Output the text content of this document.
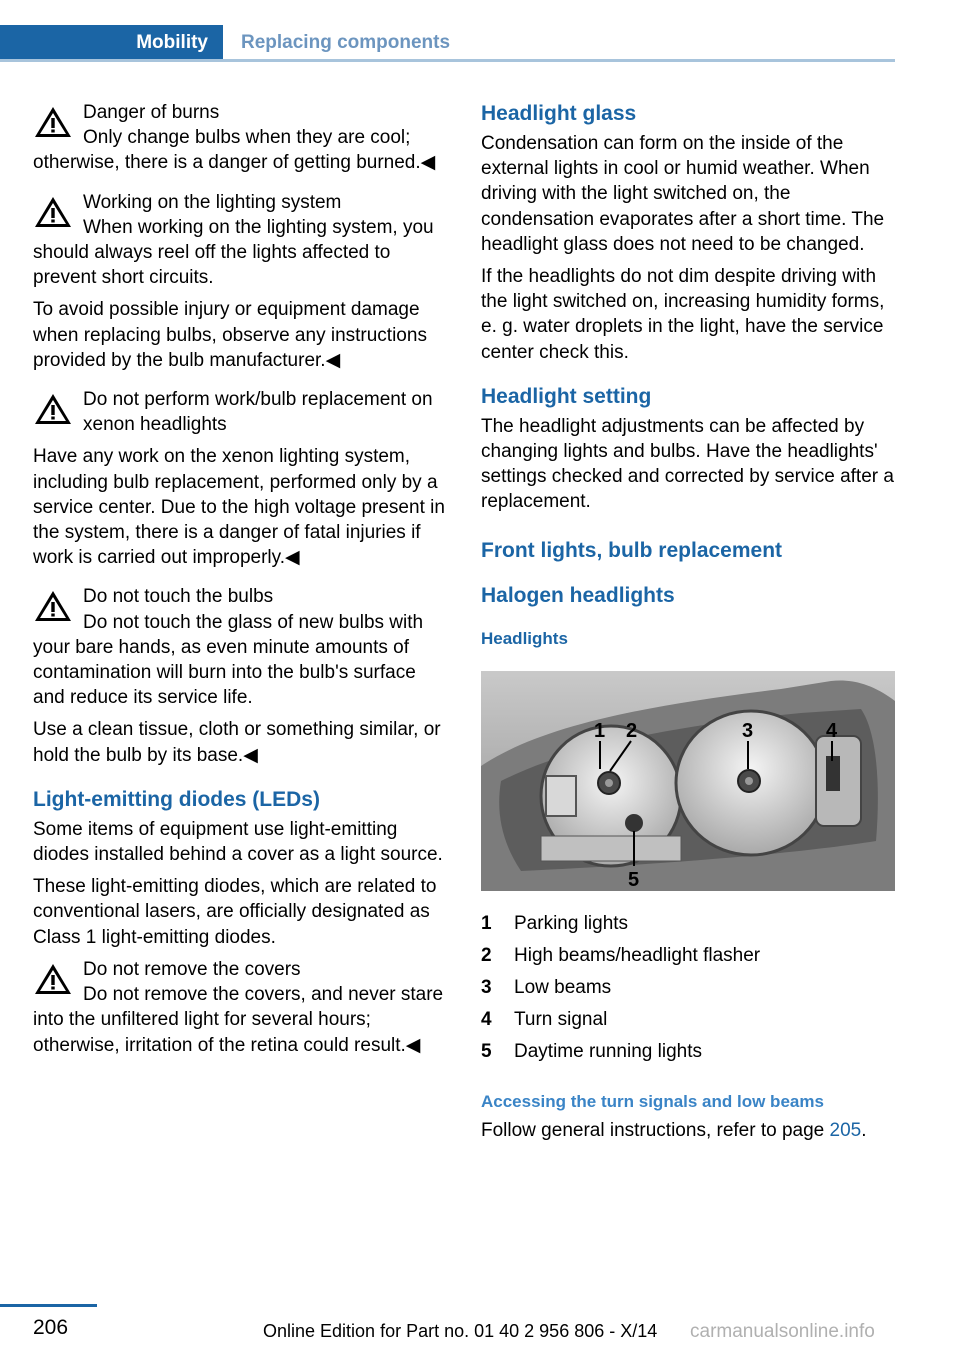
Mobility	Replacing components
Danger of burns
Only change bulbs when they are cool; otherwise, there is a danger of getting burned.◀
Working on the lighting system
When working on the lighting system, you should always reel off the lights affected to prevent short circuits.

To avoid possible injury or equipment damage when replacing bulbs, observe any instructions provided by the bulb manufacturer.◀

Do not perform work/bulb replacement on xenon headlights

Have any work on the xenon lighting system, including bulb replacement, performed only by a service center. Due to the high voltage present in the system, there is a danger of fatal injuries if work is carried out improperly.◀

Do not touch the bulbs
Do not touch the glass of new bulbs with your bare hands, as even minute amounts of contamination will burn into the bulb's surface and reduce its service life.

Use a clean tissue, cloth or something similar, or hold the bulb by its base.◀

Light-emitting diodes (LEDs)

Some items of equipment use light-emitting diodes installed behind a cover as a light source.

These light-emitting diodes, which are related to conventional lasers, are officially designated as Class 1 light-emitting diodes.

Do not remove the covers
Do not remove the covers, and never stare into the unfiltered light for several hours; otherwise, irritation of the retina could result.◀
Headlight glass

Condensation can form on the inside of the external lights in cool or humid weather. When driving with the light switched on, the condensation evaporates after a short time. The headlight glass does not need to be changed.

If the headlights do not dim despite driving with the light switched on, increasing humidity forms, e. g. water droplets in the light, have the service center check this.

Headlight setting

The headlight adjustments can be affected by changing lights and bulbs. Have the headlights' settings checked and corrected by service after a replacement.

Front lights, bulb replacement
Halogen headlights
Headlights
1 2	3	4
5
1	Parking lights
2	High beams/headlight flasher
3	Low beams
4	Turn signal
5	Daytime running lights
Accessing the turn signals and low beams

Follow general instructions, refer to page 205.

206	Online Edition for Part no. 01 40 2 956 806 - X/14 carmanualsonline.info
